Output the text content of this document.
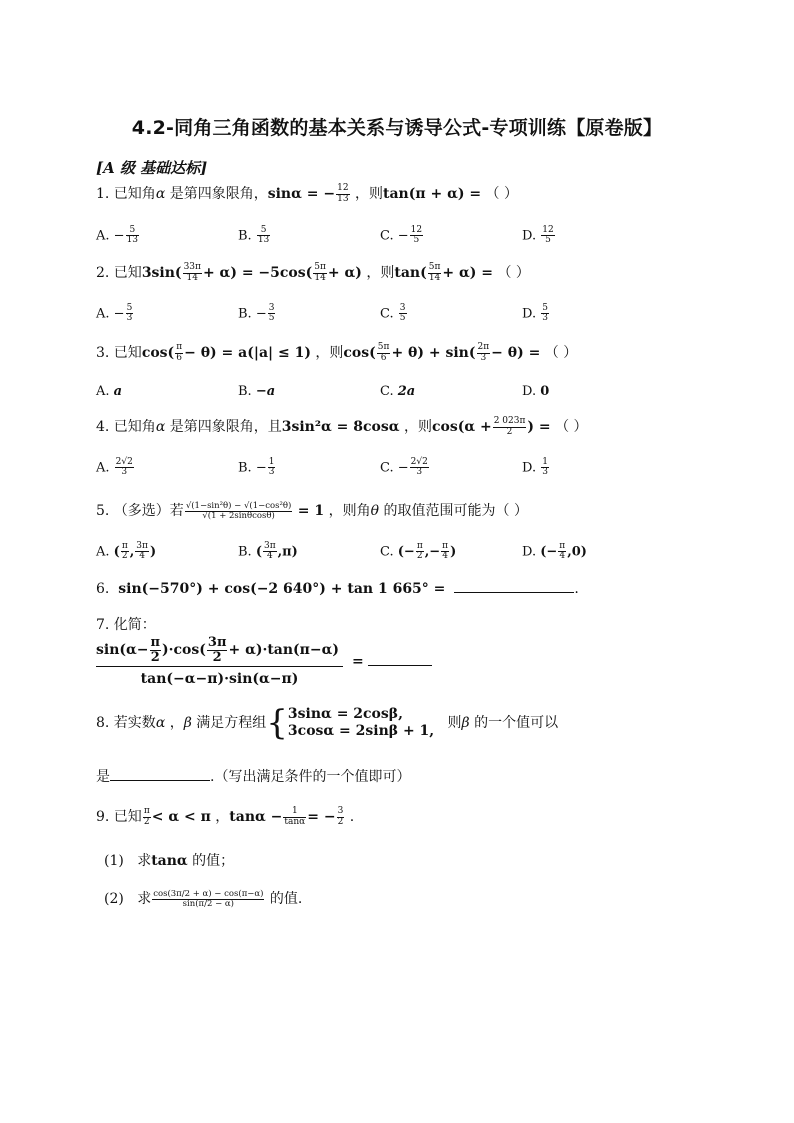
4.2-同角三角函数的基本关系与诱导公式-专项训练【原卷版】
[A 级 基础达标]
1. 已知角α 是第四象限角，sinα = − $\frac{12}{13}$ ，则tan(π + α) = （ ）
A. − $\frac{5}{13}$	B. $\frac{5}{13}$	C. − $\frac{12}{5}$	D. $\frac{12}{5}$
2. 已知$3\sin( \frac{33\pi}{14} + \alpha) = -5\cos( \frac{5\pi}{14} + \alpha)$ ，则$\tan( \frac{5\pi}{14} + \alpha)$ = （ ）
A. − $\frac{5}{3}$	B. − $\frac{3}{5}$	C. $\frac{3}{5}$	D. $\frac{5}{3}$
3. 已知$\cos( \frac{\pi}{6} - \theta) = a(|a| \le 1)$ ，则$\cos( \frac{5\pi}{6} + \theta) + \sin( \frac{2\pi}{3} - \theta)$ = （ ）
A. a	B. −a	C. 2a	D. 0
4. 已知角α 是第四象限角，且3sin²α = 8cosα ，则$\cos(\alpha + \frac{2 023\pi}{2}$ ) = （ ）
A. $\frac{2√2}{3}$	B. − $\frac{1}{3}$	C. − $\frac{2√2}{3}$	D. $\frac{1}{3}$
5. （多选）若 $\frac{\text{√(1−sin²θ) − √(1−cos²θ)}}{√(1 + 2\sin\theta\cos\theta)} = 1$ ，则角θ 的取值范围可能为（ ）
A. ( $\frac{\pi}{2}$ , $\frac{3\pi}{4}$ )	B. ( $\frac{3\pi}{4} ,\pi$)	C. (− $\frac{\pi}{2}$ ,− $\frac{\pi}{4}$ )	D. (− $\frac{\pi}{4} ,0$)
6. sin(−570°) + cos(−2 640°) + tan 1 665° =	.
7. 化简：
$\frac{\sin(\alpha- \frac{\pi}{2} )\cdot\cos( \frac{3\pi}{2} + \alpha)\cdot\tan(\pi-\alpha)}{\tan(-\alpha-\pi)\cdot\sin(\alpha-\pi)}$ =
8. 若实数α ，β 满足方程组{ 3sinα = 2cosβ,
3cosα = 2sinβ + 1, 则β 的一个值可以
是	.（写出满足条件的一个值即可）
9. 已知 $\frac{\pi}{2} < \alpha < \pi$ ，$\tan\alpha - \frac{1}{\tan\alpha}$ = − $\frac{3}{2}$ .
(1) 求tanα 的值；
(2) 求 $\frac{\cos(3\pi/2 + \alpha) - \cos(\pi-\alpha)}{\sin(\pi/2 - \alpha)}$ 的值.
